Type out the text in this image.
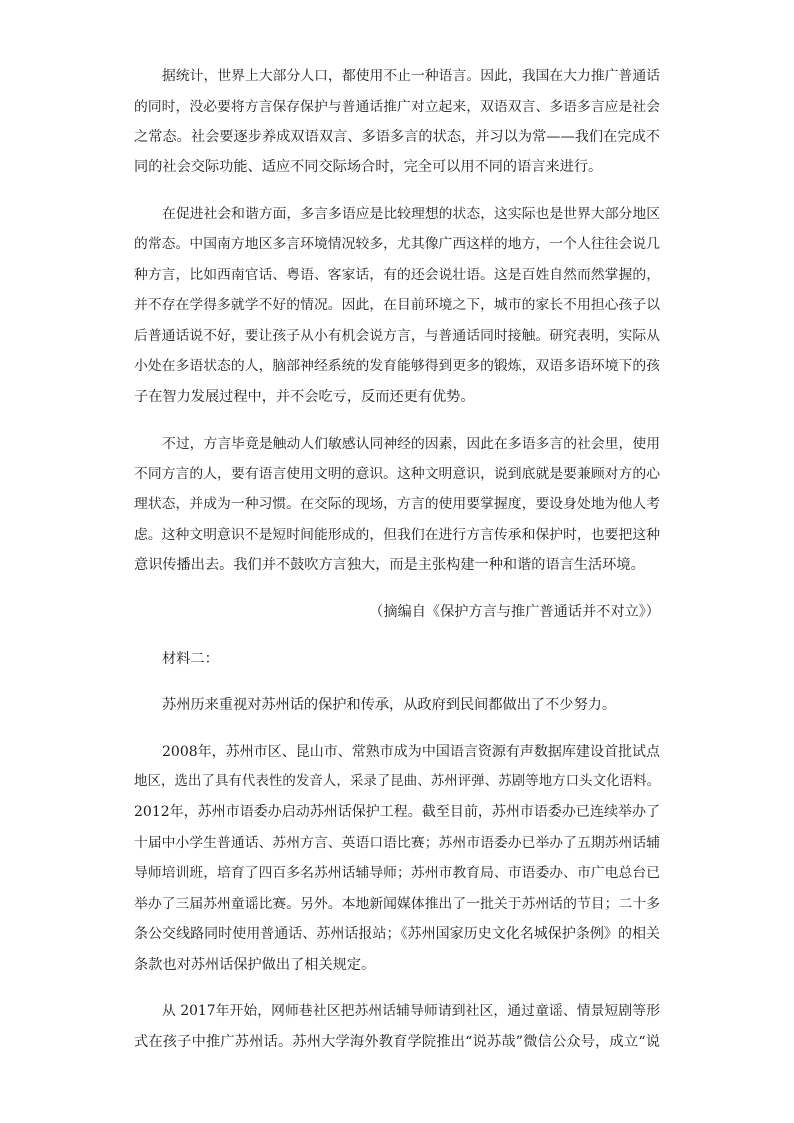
据统计，世界上大部分人口，都使用不止一种语言。因此，我国在大力推广普通话
的同时，没必要将方言保存保护与普通话推广对立起来，双语双言、多语多言应是社会
之常态。社会要逐步养成双语双言、多语多言的状态，并习以为常——我们在完成不
同的社会交际功能、适应不同交际场合时，完全可以用不同的语言来进行。
在促进社会和谐方面，多言多语应是比较理想的状态，这实际也是世界大部分地区
的常态。中国南方地区多言环境情况较多，尤其像广西这样的地方，一个人往往会说几
种方言，比如西南官话、粤语、客家话，有的还会说壮语。这是百姓自然而然掌握的，
并不存在学得多就学不好的情况。因此，在目前环境之下，城市的家长不用担心孩子以
后普通话说不好，要让孩子从小有机会说方言，与普通话同时接触。研究表明，实际从
小处在多语状态的人，脑部神经系统的发育能够得到更多的锻炼，双语多语环境下的孩
子在智力发展过程中，并不会吃亏，反而还更有优势。
不过，方言毕竟是触动人们敏感认同神经的因素，因此在多语多言的社会里，使用
不同方言的人，要有语言使用文明的意识。这种文明意识，说到底就是要兼顾对方的心
理状态，并成为一种习惯。在交际的现场，方言的使用要掌握度，要设身处地为他人考
虑。这种文明意识不是短时间能形成的，但我们在进行方言传承和保护时，也要把这种
意识传播出去。我们并不鼓吹方言独大，而是主张构建一种和谐的语言生活环境。
（摘编自《保护方言与推广普通话并不对立》）
材料二：
苏州历来重视对苏州话的保护和传承，从政府到民间都做出了不少努力。
2008年，苏州市区、昆山市、常熟市成为中国语言资源有声数据库建设首批试点
地区，选出了具有代表性的发音人，采录了昆曲、苏州评弹、苏剧等地方口头文化语料。
2012年，苏州市语委办启动苏州话保护工程。截至目前，苏州市语委办已连续举办了
十届中小学生普通话、苏州方言、英语口语比赛；苏州市语委办已举办了五期苏州话辅
导师培训班，培育了四百多名苏州话辅导师；苏州市教育局、市语委办、市广电总台已
举办了三届苏州童谣比赛。另外。本地新闻媒体推出了一批关于苏州话的节目；二十多
条公交线路同时使用普通话、苏州话报站；《苏州国家历史文化名城保护条例》的相关
条款也对苏州话保护做出了相关规定。
从 2017年开始，网师巷社区把苏州话辅导师请到社区，通过童谣、情景短剧等形
式在孩子中推广苏州话。苏州大学海外教育学院推出“说苏哉”微信公众号，成立“说
